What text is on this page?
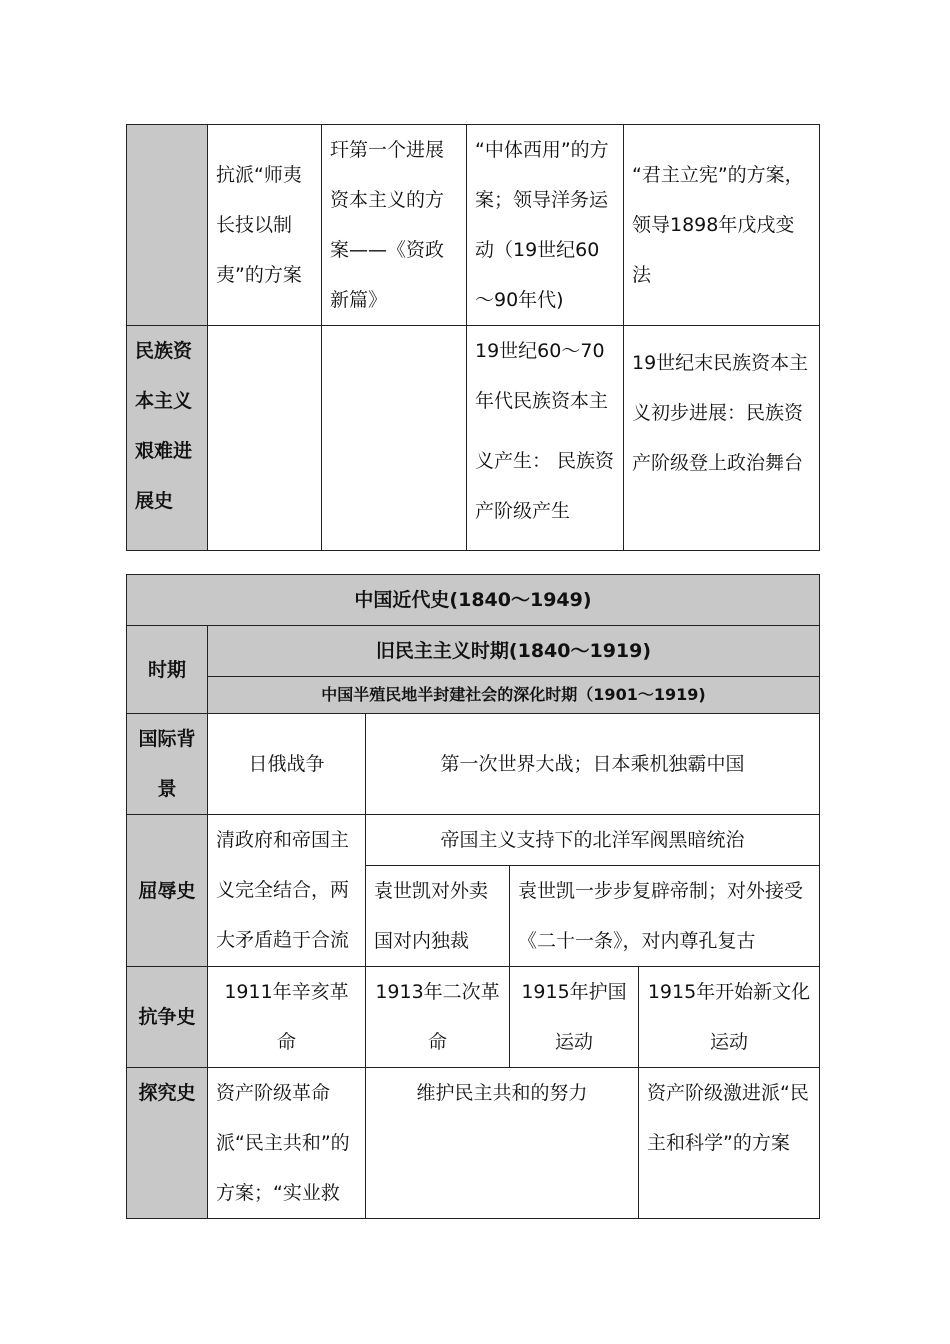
	抗派“师夷长技以制夷”的方案	玕第一个进展资本主义的方案——《资政新篇》	“中体西用”的方案；领导洋务运动（19世纪60～90年代)	“君主立宪”的方案，领导1898年戊戌变法
民族资本主义艰难进展史			19世纪60～70年代民族资本主
义产生： 民族资产阶级产生	19世纪末民族资本主义初步进展：民族资产阶级登上政治舞台
中国近代史(1840～1949)				
时期	旧民主主义时期(1840～1919)			
	中国半殖民地半封建社会的深化时期（1901～1919)			
国际背景	日俄战争	第一次世界大战；日本乘机独霸中国		
屈辱史	清政府和帝国主义完全结合，两大矛盾趋于合流	帝国主义支持下的北洋军阀黑暗统治		
		袁世凯对外卖国对内独裁	袁世凯一步步复辟帝制；对外接受《二十一条》，对内尊孔复古	
抗争史	1911年辛亥革命	1913年二次革命	1915年护国运动	1915年开始新文化运动
探究史	资产阶级革命派“民主共和”的方案；“实业救	维护民主共和的努力		资产阶级激进派“民主和科学”的方案
